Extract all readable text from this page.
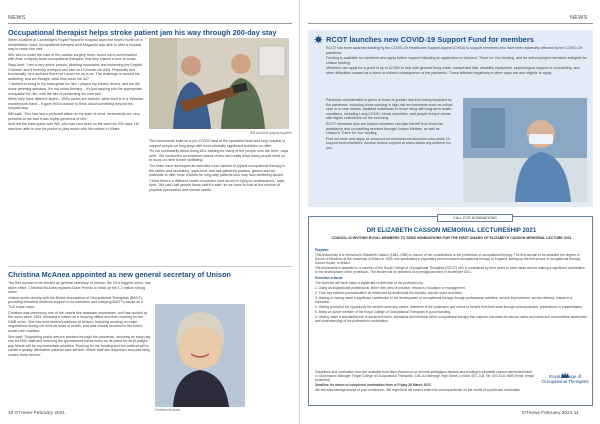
NEWS
Occupational therapist helps stroke patient jam his way through 200-day stay

When a patient at Cambridge's Royal Papworth Hospital faced the fourth month on a rehabilitation ward, occupational therapist Amit Maganlal was able to offer a musical way to reach him well.

Will, who is under the care of the cardiac surgery team, found out in conversation with Amit, a deputy team occupational therapist, that they shared a love of music.

Says Amit: 'I am a very active person, climbing mountains and swimming the English Channel, and it recently cramped and had on 10-month old child. Physically and functionally, he's well and there isn't much for us to do. The challenge is around his wellbeing, and we thought, what else could we do?

'I decided to bring in my bass guitar for him. I played my electric drums, and we did some jamming sessions. It's not music therapy – it's just tapping into the appropriate occupation for him, with the aim of preserving his core self.'

While they have different styles – Will's tastes are eclectic, while Amit is in a Victorian murder/punk band – it gave Will a chance to think about something beyond his hospital stay.

Will said: 'This has had a profound effect on my state of mind. Instruments are very personal to me and it was highly generous of him.'

Amit left the bass guitar with Will, who has now been on the ward for 200 days. He was then able to use his phone to play music with his mother in Wales.

Will and Amit playing together

The instruments build on a pre-COVID idea at the specialist heart and lung hospital to support people on long stays with more clinically significant activities on offer.

'It's not necessarily about doing ADL training for many of the people who are here,' says Amit. 'We conducted an evidence-based review and really what many people need us to focus on here is their wellbeing.'

The team have developed an activities room (similar to typical occupational therapy in the sixties and seventies), says Amit, and has gathered puzzles, games and art materials to offer more choices for long-stay patients who may face wellbeing issues.

'I think there's a different model of practice here as we're trying to understand it,' says Amit. 'We can't call people home until it's safe, so we have to look at the mixture of physical dysfunction and mental health.'

Christina McAnea appointed as new general secretary of Unison

The first woman to be elected as general secretary of Unison, the UK's biggest union, has taken office. Christina McAnea replaces Dave Prentis to head up the 1.3 million strong union.

Unison works closely with the British Association of Occupational Therapists (BAOT), providing industrial relations support to its members and lobbying BAOT's cause as a TUC trade union.

Christina was previously one of the unions five assistant secretaries, and has worked at the union since 1993, following a career as a housing officer and then working for the GMB union. She has held several positions at Unison, including working on major negotiations during her time as head of health, and was closely involved in the future social care coalition.

She said: 'Supporting public service workers through the pandemic, securing an early pay rise for NHS staff and ensuring the government backs down on its plans for an ill-judged pay freeze will be my immediate priorities. Pushing for the funding and the political will to create a quality, affordable national care service, where staff are respected and paid fairly, comes close behind.'

Christina McAnea
10 OTnews February 2021
NEWS
RCOT launches new COVID-19 Support Fund for members

RCOT has been awarded funding by the COVID-19 Healthcare Support Appeal (CHSA) to support members who have been adversely affected by the COVID-19 pandemic.

Funding is available for members who apply further support following an application to Unison's 'There for You' funding, and for self-employed members ineligible for Unison funding.

Members can apply for a grant of up to £2,500 to help with general living costs, unexpected bills, disability equipment, psychological support or counselling, and other difficulties caused as a direct or indirect consequence of the pandemic. Those affected negatively in other ways are also eligible to apply.

Particular consideration is given to those at greater risk from being impacted by the pandemic, including those working in high-risk environments such as critical care or in care homes, disabled individuals or those living with long-term health conditions, including Long COVID, ethnic minorities, and people living in areas with higher restrictions on the economy.

RCOT members who are Unison members can also benefit from financial assistance and counselling services through Unison Welfare, as well as Unison's 'There for You' funding.

Find out more and apply at: www.rcot.co.uk/news/rcot-launches-new-covid-19-support-fund-members. Access Unison support at www.unison.org.uk/there-for-you.

CALL FOR NOMINATIONS
DR ELIZABETH CASSON MEMORIAL LECTURESHIP 2021
COUNCIL IS INVITING ROYAL MEMBERS TO SEND NOMINATIONS FOR THE FIRST AWARD OF ELIZABETH CASSON MEMORIAL LECTURE 2021

Purpose:

This lectureship is a memorial to Elizabeth Casson (1881–1954) in honour of her contributions to the profession of occupational therapy. The first woman to be awarded the degree of Doctor of Medicine at the University of Bristol in 1929, she specialised in psychiatry and introduced occupational therapy to England, setting up the first school of occupational therapy, Dorset House, in Bristol.

The lectureship is awarded to a member of the Royal College of Occupational Therapists (RCOT) who is considered by their peers to have made and be making a significant contribution to the development of the profession. The lecture will be delivered at a prestigious event in November 2021.

Selection criteria:

The nominee will have made a significant contribution to the profession by:

1. Using an inspirational professional, either their area of practice, research, education or management.

2. Their key evident communication as evidenced by testimonial the impacts, service users and team.

3. Making or having made a significant contribution to the development of occupational therapy through professional activities, service improvement, service delivery, research or education.

4. Having promoted the opportunity for service users and carers, members of the profession and others to benefit from their work through clinical practice, publications or presentations.

5. Being an active member of the Royal College of Occupational Therapists in good standing.

6. Having made a substantial use of advanced forms, standards and methods within occupational therapy that improve outcomes for service users and users and communities' awareness and understanding of the profession's contribution.

Guidelines and nomination form are available from https://www.rcot.co.uk/rcots-prestigious-awards-and-funding/dr-elizabeth-casson-memorial-lecture or Governance Manager, Royal College of Occupational Therapists, 106-114 Borough High Street, London SE1 1LB. Tel: 020 3141 4600 Email: [email protected]

Deadline for return of completed nomination form is Friday 26 March 2021.

We will acknowledge receipt of your nomination. We regret that we cannot enter into correspondence on the merits of a particular nomination.

Royal College of Occupational Therapists
OTnews February 2021 11
